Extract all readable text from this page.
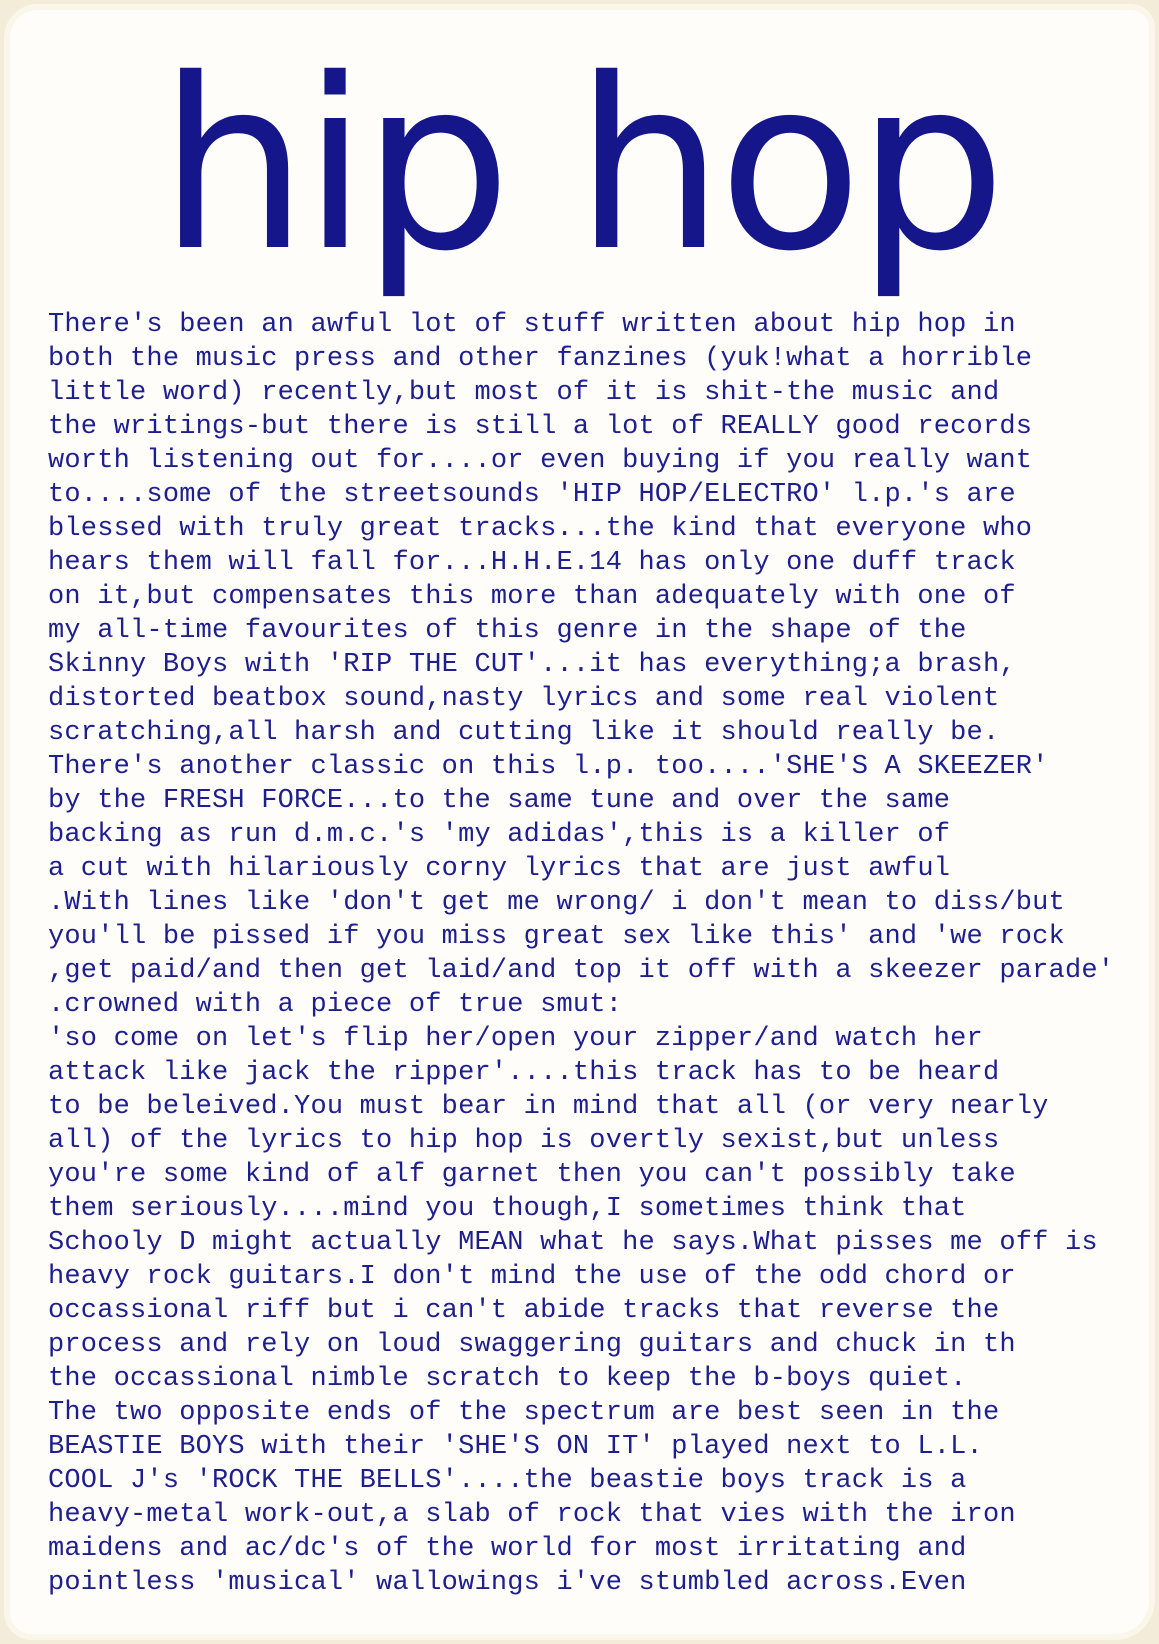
hip hop
There's been an awful lot of stuff written about hip hop in
both the music press and other fanzines (yuk!what a horrible
little word) recently,but most of it is shit-the music and
the writings-but there is still a lot of REALLY good records
worth listening out for....or even buying if you really want
to....some of the streetsounds 'HIP HOP/ELECTRO' l.p.'s are
blessed with truly great tracks...the kind that everyone who
hears them will fall for...H.H.E.14 has only one duff track
on it,but compensates this more than adequately with one of
my all-time favourites of this genre in the shape of the
Skinny Boys with 'RIP THE CUT'...it has everything;a brash,
distorted beatbox sound,nasty lyrics and some real violent
scratching,all harsh and cutting like it should really be.
There's another classic on this l.p. too....'SHE'S A SKEEZER'
by the FRESH FORCE...to the same tune and over the same
backing as run d.m.c.'s 'my adidas',this is a killer of
a cut with hilariously corny lyrics that are just awful
.With lines like 'don't get me wrong/ i don't mean to diss/but
you'll be pissed if you miss great sex like this' and 'we rock
,get paid/and then get laid/and top it off with a skeezer parade'
.crowned with a piece of true smut:
'so come on let's flip her/open your zipper/and watch her
attack like jack the ripper'....this track has to be heard
to be beleived.You must bear in mind that all (or very nearly
all) of the lyrics to hip hop is overtly sexist,but unless
you're some kind of alf garnet then you can't possibly take
them seriously....mind you though,I sometimes think that
Schooly D might actually MEAN what he says.What pisses me off is
heavy rock guitars.I don't mind the use of the odd chord or
occassional riff but i can't abide tracks that reverse the
process and rely on loud swaggering guitars and chuck in th
the occassional nimble scratch to keep the b-boys quiet.
The two opposite ends of the spectrum are best seen in the
BEASTIE BOYS with their 'SHE'S ON IT' played next to L.L.
COOL J's 'ROCK THE BELLS'....the beastie boys track is a
heavy-metal work-out,a slab of rock that vies with the iron
maidens and ac/dc's of the world for most irritating and
pointless 'musical' wallowings i've stumbled across.Even
